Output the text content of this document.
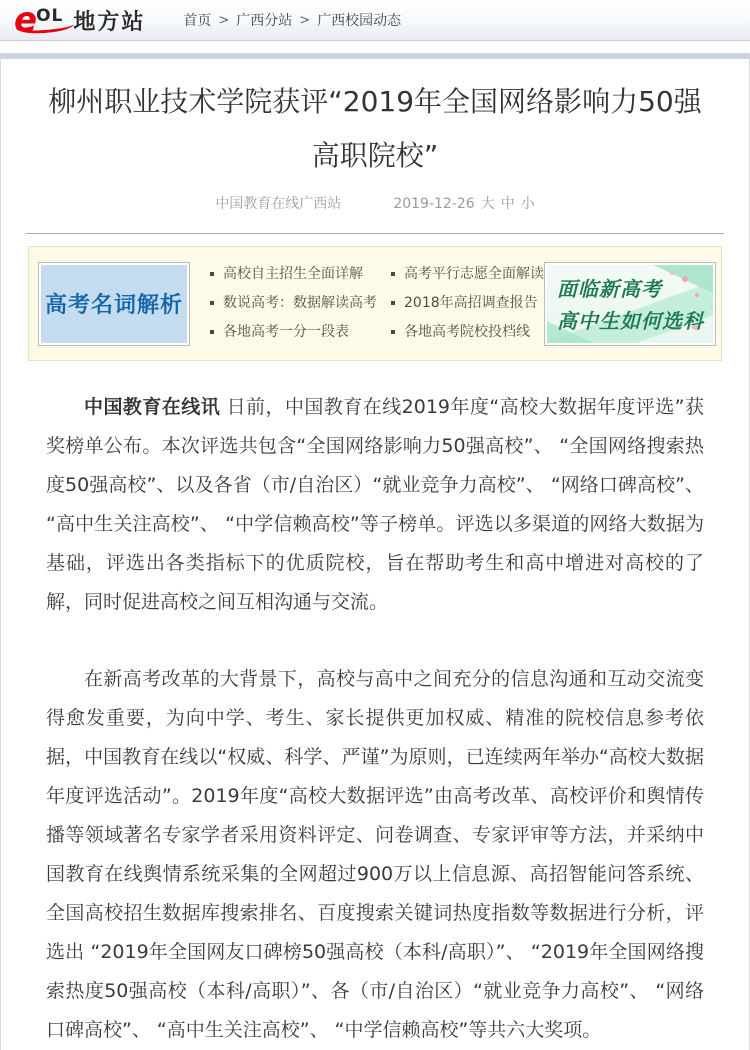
e OL 地方站	首页 > 广西分站 > 广西校园动态
柳州职业技术学院获评“2019年全国网络影响力50强高职院校”
中国教育在线广西站	2019-12-26 大 中 小
高考名词解析
高校自主招生全面详解
数说高考：数据解读高考
各地高考一分一段表
高考平行志愿全面解读
2018年高招调查报告
各地高考院校投档线
面临新高考
高中生如何选科

中国教育在线讯 日前，中国教育在线2019年度“高校大数据年度评选”获奖榜单公布。本次评选共包含“全国网络影响力50强高校”、 “全国网络搜索热度50强高校”、以及各省（市/自治区）“就业竞争力高校”、 “网络口碑高校”、 “高中生关注高校”、 “中学信赖高校”等子榜单。评选以多渠道的网络大数据为基础，评选出各类指标下的优质院校，旨在帮助考生和高中增进对高校的了解，同时促进高校之间互相沟通与交流。

在新高考改革的大背景下，高校与高中之间充分的信息沟通和互动交流变得愈发重要，为向中学、考生、家长提供更加权威、精准的院校信息参考依据，中国教育在线以“权威、科学、严谨”为原则，已连续两年举办“高校大数据年度评选活动”。2019年度“高校大数据评选”由高考改革、高校评价和舆情传播等领域著名专家学者采用资料评定、问卷调查、专家评审等方法，并采纳中国教育在线舆情系统采集的全网超过900万以上信息源、高招智能问答系统、全国高校招生数据库搜索排名、百度搜索关键词热度指数等数据进行分析，评选出 “2019年全国网友口碑榜50强高校（本科/高职）”、 “2019年全国网络搜索热度50强高校（本科/高职）”、各（市/自治区）“就业竞争力高校”、 “网络口碑高校”、 “高中生关注高校”、 “中学信赖高校”等共六大奖项。
